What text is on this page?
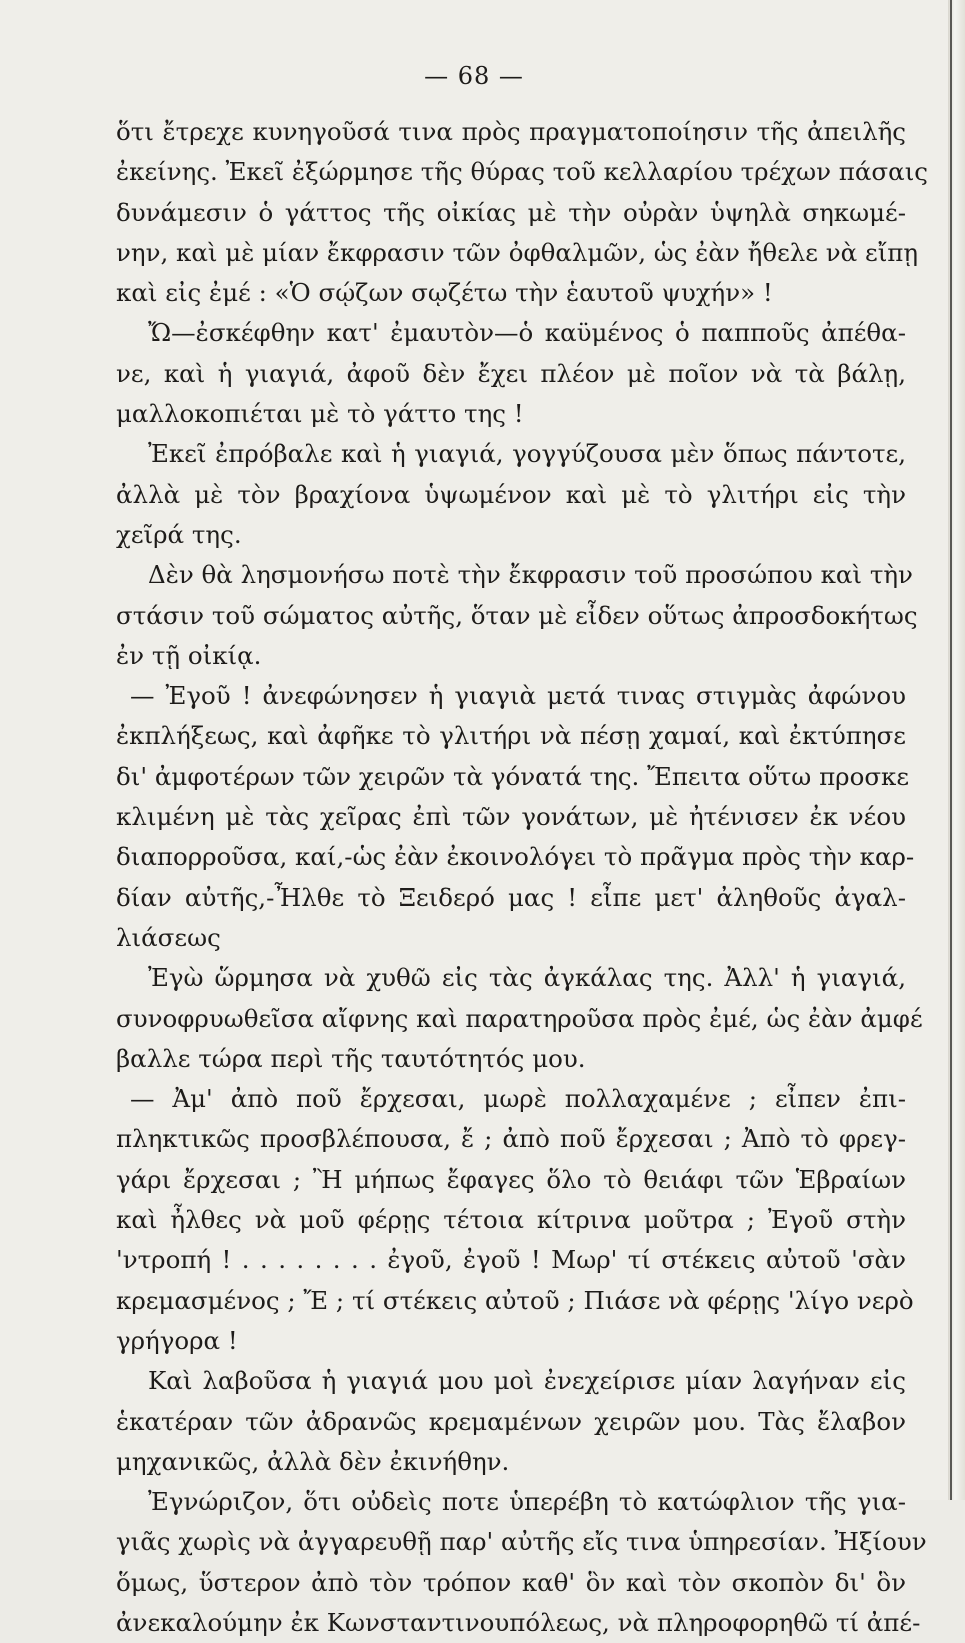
— 68 —
ὅτι ἔτρεχε κυνηγοῦσά τινα πρὸς πραγματοποίησιν τῆς ἀπειλῆς
ἐκείνης. Ἐκεῖ ἐξώρμησε τῆς θύρας τοῦ κελλαρίου τρέχων πάσαις
δυνάμεσιν ὁ γάττος τῆς οἰκίας μὲ τὴν οὐρὰν ὑψηλὰ σηκωμέ-
νην, καὶ μὲ μίαν ἔκφρασιν τῶν ὀφθαλμῶν, ὡς ἐὰν ἤθελε νὰ εἴπῃ
καὶ εἰς ἐμέ : «Ὁ σῴζων σῳζέτω τὴν ἑαυτοῦ ψυχήν» !
Ὤ—ἐσκέφθην κατ' ἐμαυτὸν—ὁ καϋμένος ὁ παπποῦς ἀπέθα-
νε, καὶ ἡ γιαγιά, ἀφοῦ δὲν ἔχει πλέον μὲ ποῖον νὰ τὰ βάλῃ,
μαλλοκοπιέται μὲ τὸ γάττο της !
Ἐκεῖ ἐπρόβαλε καὶ ἡ γιαγιά, γογγύζουσα μὲν ὅπως πάντοτε,
ἀλλὰ μὲ τὸν βραχίονα ὑψωμένον καὶ μὲ τὸ γλιτήρι εἰς τὴν
χεῖρά της.
Δὲν θὰ λησμονήσω ποτὲ τὴν ἔκφρασιν τοῦ προσώπου καὶ τὴν
στάσιν τοῦ σώματος αὐτῆς, ὅταν μὲ εἶδεν οὕτως ἀπροσδοκήτως
ἐν τῇ οἰκίᾳ.
— Ἐγοῦ ! ἀνεφώνησεν ἡ γιαγιὰ μετά τινας στιγμὰς ἀφώνου
ἐκπλήξεως, καὶ ἀφῆκε τὸ γλιτήρι νὰ πέσῃ χαμαί, καὶ ἐκτύπησε
δι' ἀμφοτέρων τῶν χειρῶν τὰ γόνατά της. Ἔπειτα οὕτω προσκε
κλιμένη μὲ τὰς χεῖρας ἐπὶ τῶν γονάτων, μὲ ἠτένισεν ἐκ νέου
διαπορροῦσα, καί,-ὡς ἐὰν ἐκοινολόγει τὸ πρᾶγμα πρὸς τὴν καρ-
δίαν αὐτῆς,-Ἦλθε τὸ Ξειδερό μας ! εἶπε μετ' ἀληθοῦς ἀγαλ-
λιάσεως
Ἐγὼ ὥρμησα νὰ χυθῶ εἰς τὰς ἀγκάλας της. Ἀλλ' ἡ γιαγιά,
συνοφρυωθεῖσα αἴφνης καὶ παρατηροῦσα πρὸς ἐμέ, ὡς ἐὰν ἀμφέ
βαλλε τώρα περὶ τῆς ταυτότητός μου.
— Ἀμ' ἀπὸ ποῦ ἔρχεσαι, μωρὲ πολλαχαμένε ; εἶπεν ἐπι-
πληκτικῶς προσβλέπουσα, ἔ ; ἀπὸ ποῦ ἔρχεσαι ; Ἀπὸ τὸ φρεγ-
γάρι ἔρχεσαι ; Ἢ μήπως ἔφαγες ὅλο τὸ θειάφι τῶν Ἑβραίων
καὶ ἦλθες νὰ μοῦ φέρῃς τέτοια κίτρινα μοῦτρα ; Ἐγοῦ στὴν
'ντροπή ! . . . . . . . . ἐγοῦ, ἐγοῦ ! Μωρ' τί στέκεις αὐτοῦ 'σὰν
κρεμασμένος ; Ἔ ; τί στέκεις αὐτοῦ ; Πιάσε νὰ φέρῃς 'λίγο νερὸ
γρήγορα !
Καὶ λαβοῦσα ἡ γιαγιά μου μοὶ ἐνεχείρισε μίαν λαγήναν εἰς
ἑκατέραν τῶν ἀδρανῶς κρεμαμένων χειρῶν μου. Τὰς ἔλαβον
μηχανικῶς, ἀλλὰ δὲν ἐκινήθην.
Ἐγνώριζον, ὅτι οὐδεὶς ποτε ὑπερέβη τὸ κατώφλιον τῆς για-
γιᾶς χωρὶς νὰ ἀγγαρευθῇ παρ' αὐτῆς εἴς τινα ὑπηρεσίαν. Ἠξίουν
ὅμως, ὕστερον ἀπὸ τὸν τρόπον καθ' ὃν καὶ τὸν σκοπὸν δι' ὃν
ἀνεκαλούμην ἐκ Κωνσταντινουπόλεως, νὰ πληροφορηθῶ τί ἀπέ-
